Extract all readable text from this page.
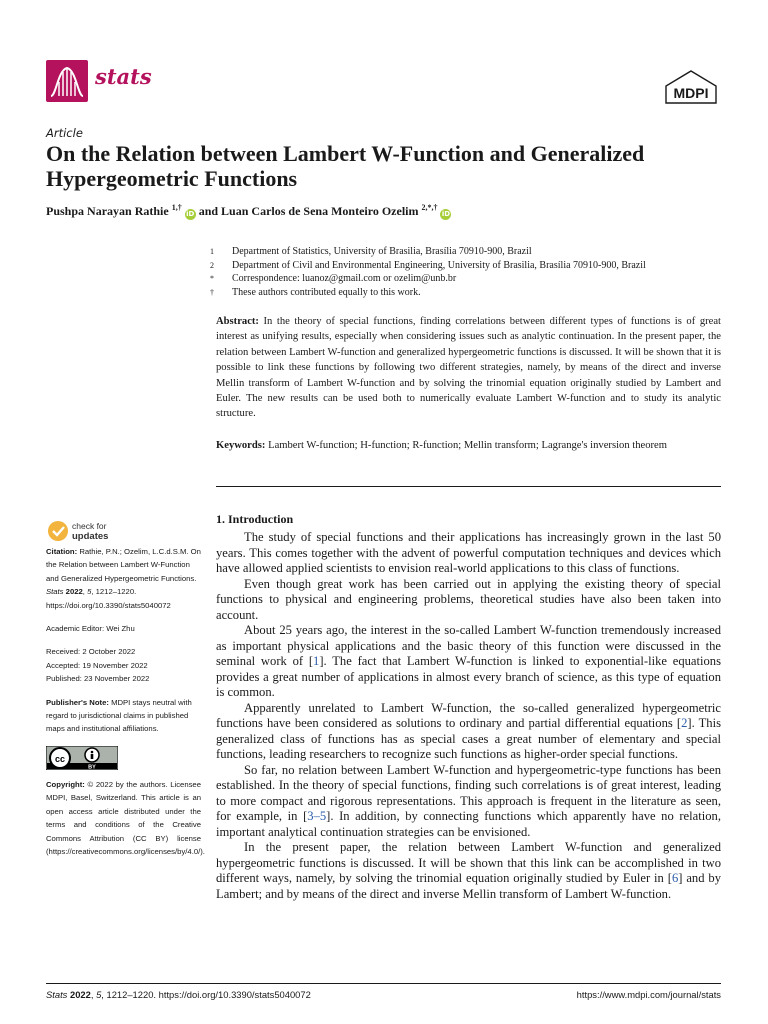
stats
MDPI
Article
On the Relation between Lambert W-Function and Generalized Hypergeometric Functions
Pushpa Narayan Rathie $^{1,\dagger}$ iD and Luan Carlos de Sena Monteiro Ozelim $^{2,*,\dagger}$ iD
1	Department of Statistics, University of Brasilia, Brasília 70910-900, Brazil
2	Department of Civil and Environmental Engineering, University of Brasilia, Brasília 70910-900, Brazil
*	Correspondence: luanoz@gmail.com or ozelim@unb.br
†	These authors contributed equally to this work.
Abstract: In the theory of special functions, finding correlations between different types of functions is of great interest as unifying results, especially when considering issues such as analytic continuation. In the present paper, the relation between Lambert W-function and generalized hypergeometric functions is discussed. It will be shown that it is possible to link these functions by following two different strategies, namely, by means of the direct and inverse Mellin transform of Lambert W-function and by solving the trinomial equation originally studied by Lambert and Euler. The new results can be used both to numerically evaluate Lambert W-function and to study its analytic structure.
Keywords: Lambert W-function; H-function; R-function; Mellin transform; Lagrange's inversion theorem
check for
updates
Citation: Rathie, P.N.; Ozelim, L.C.d.S.M. On the Relation between Lambert W-Function and Generalized Hypergeometric Functions. Stats 2022, 5, 1212–1220. https://doi.org/10.3390/stats5040072
Academic Editor: Wei Zhu
Received: 2 October 2022
Accepted: 19 November 2022
Published: 23 November 2022
Publisher's Note: MDPI stays neutral with regard to jurisdictional claims in published maps and institutional affiliations.
cc
BY
Copyright: © 2022 by the authors. Licensee MDPI, Basel, Switzerland. This article is an open access article distributed under the terms and conditions of the Creative Commons Attribution (CC BY) license (https://creativecommons.org/licenses/by/4.0/).
1. Introduction

The study of special functions and their applications has increasingly grown in the last 50 years. This comes together with the advent of powerful computation techniques and devices which have allowed applied scientists to envision real-world applications to this class of functions.

Even though great work has been carried out in applying the existing theory of special functions to physical and engineering problems, theoretical studies have also been taken into account.

About 25 years ago, the interest in the so-called Lambert W-function tremendously increased as important physical applications and the basic theory of this function were discussed in the seminal work of [1]. The fact that Lambert W-function is linked to exponential-like equations provides a great number of applications in almost every branch of science, as this type of equation is common.

Apparently unrelated to Lambert W-function, the so-called generalized hypergeometric functions have been considered as solutions to ordinary and partial differential equations [2]. This generalized class of functions has as special cases a great number of elementary and special functions, leading researchers to recognize such functions as higher-order special functions.

So far, no relation between Lambert W-function and hypergeometric-type functions has been established. In the theory of special functions, finding such correlations is of great interest, leading to more compact and rigorous representations. This approach is frequent in the literature as seen, for example, in [3–5]. In addition, by connecting functions which apparently have no relation, important analytical continuation strategies can be envisioned.

In the present paper, the relation between Lambert W-function and generalized hypergeometric functions is discussed. It will be shown that this link can be accomplished in two different ways, namely, by solving the trinomial equation originally studied by Euler in [6] and by Lambert; and by means of the direct and inverse Mellin transform of Lambert W-function.

Stats 2022, 5, 1212–1220. https://doi.org/10.3390/stats5040072	https://www.mdpi.com/journal/stats
